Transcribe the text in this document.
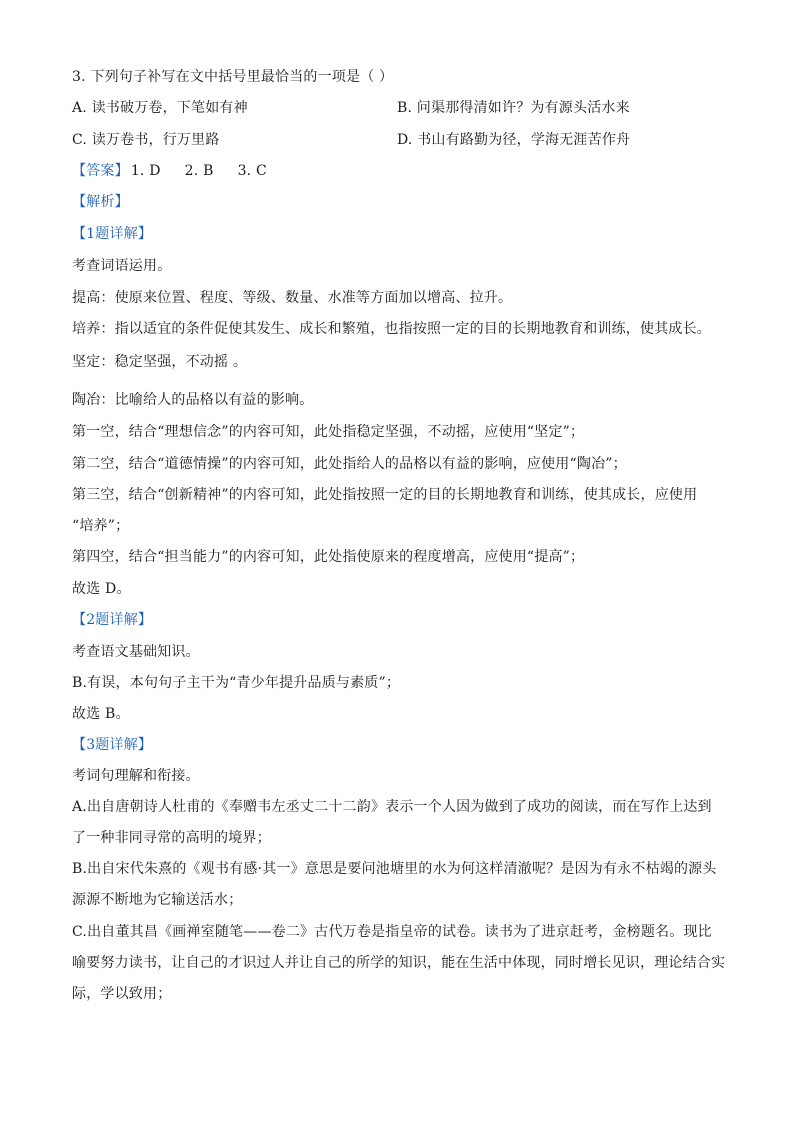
3. 下列句子补写在文中括号里最恰当的一项是（ ）
A. 读书破万卷，下笔如有神	B. 问渠那得清如许？为有源头活水来
C. 读万卷书，行万里路	D. 书山有路勤为径，学海无涯苦作舟
【答案】 1. D 2. B 3. C
【解析】
【1题详解】
考查词语运用。
提高：使原来位置、程度、等级、数量、水准等方面加以增高、拉升。
培养：指以适宜的条件促使其发生、成长和繁殖，也指按照一定的目的长期地教育和训练，使其成长。
坚定：稳定坚强，不动摇 。
陶冶：比喻给人的品格以有益的影响。
第一空，结合“理想信念”的内容可知，此处指稳定坚强，不动摇，应使用“坚定”；
第二空，结合“道德情操”的内容可知，此处指给人的品格以有益的影响，应使用“陶冶”；
第三空，结合“创新精神”的内容可知，此处指按照一定的目的长期地教育和训练，使其成长，应使用
“培养”；
第四空，结合“担当能力”的内容可知，此处指使原来的程度增高，应使用“提高”；
故选 D。
【2题详解】
考查语文基础知识。
B.有误，本句句子主干为“青少年提升品质与素质”；
故选 B。
【3题详解】
考词句理解和衔接。
A.出自唐朝诗人杜甫的《奉赠韦左丞丈二十二韵》表示一个人因为做到了成功的阅读，而在写作上达到
了一种非同寻常的高明的境界；
B.出自宋代朱熹的《观书有感·其一》意思是要问池塘里的水为何这样清澈呢？是因为有永不枯竭的源头
源源不断地为它输送活水；
C.出自董其昌《画禅室随笔——卷二》古代万卷是指皇帝的试卷。读书为了进京赶考，金榜题名。现比
喻要努力读书，让自己的才识过人并让自己的所学的知识，能在生活中体现，同时增长见识，理论结合实
际，学以致用；
